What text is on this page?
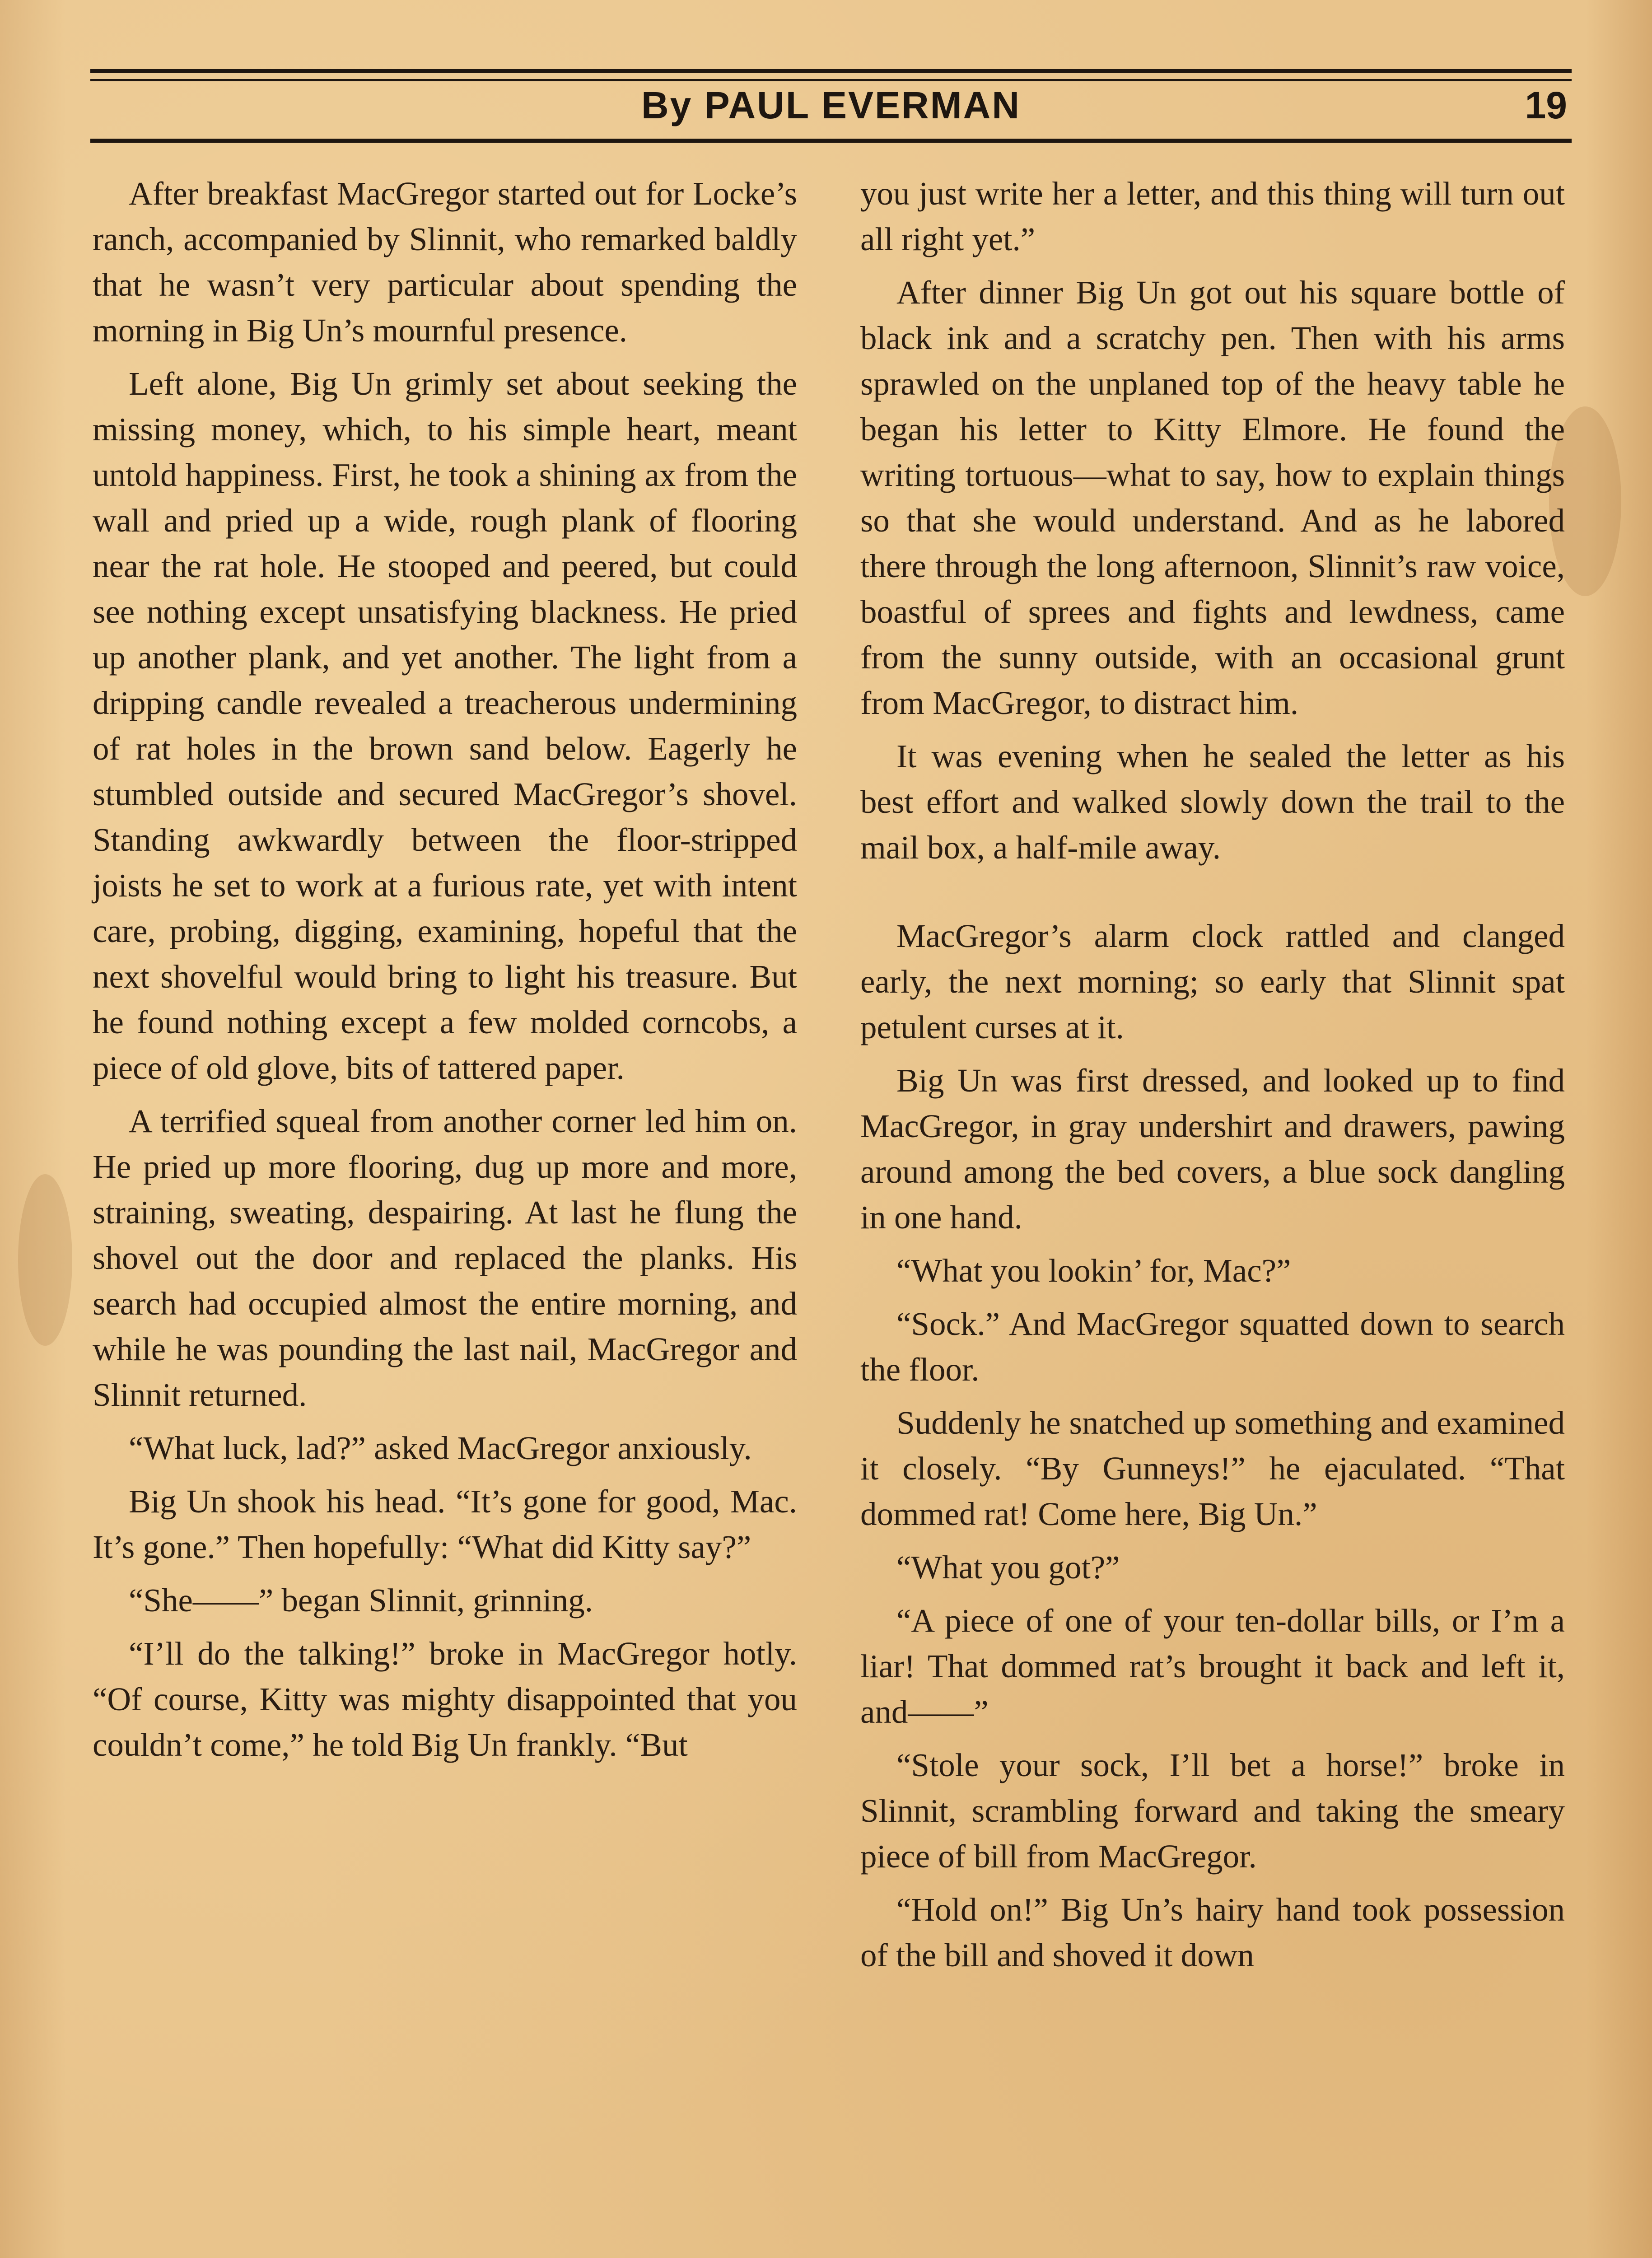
By PAUL EVERMAN	19

After breakfast MacGregor started out for Locke’s ranch, accompanied by Slinnit, who remarked baldly that he wasn’t very particular about spending the morning in Big Un’s mournful presence.

Left alone, Big Un grimly set about seeking the missing money, which, to his simple heart, meant untold happiness. First, he took a shining ax from the wall and pried up a wide, rough plank of flooring near the rat hole. He stooped and peered, but could see nothing except unsatisfying blackness. He pried up another plank, and yet another. The light from a dripping candle revealed a treacherous undermining of rat holes in the brown sand below. Eagerly he stumbled outside and secured MacGregor’s shovel. Standing awkwardly between the floor-stripped joists he set to work at a furious rate, yet with intent care, probing, digging, examining, hopeful that the next shovelful would bring to light his treasure. But he found nothing except a few molded corncobs, a piece of old glove, bits of tattered paper.

A terrified squeal from another corner led him on. He pried up more flooring, dug up more and more, straining, sweating, despairing. At last he flung the shovel out the door and replaced the planks. His search had occupied almost the entire morning, and while he was pounding the last nail, MacGregor and Slinnit returned.

“What luck, lad?” asked MacGregor anxiously.

Big Un shook his head. “It’s gone for good, Mac. It’s gone.” Then hopefully: “What did Kitty say?”

“She——” began Slinnit, grinning.

“I’ll do the talking!” broke in MacGregor hotly. “Of course, Kitty was mighty disappointed that you couldn’t come,” he told Big Un frankly. “But

you just write her a letter, and this thing will turn out all right yet.”

After dinner Big Un got out his square bottle of black ink and a scratchy pen. Then with his arms sprawled on the unplaned top of the heavy table he began his letter to Kitty Elmore. He found the writing tortuous—what to say, how to explain things so that she would understand. And as he labored there through the long afternoon, Slinnit’s raw voice, boastful of sprees and fights and lewdness, came from the sunny outside, with an occasional grunt from MacGregor, to distract him.

It was evening when he sealed the letter as his best effort and walked slowly down the trail to the mail box, a half-mile away.

MacGregor’s alarm clock rattled and clanged early, the next morning; so early that Slinnit spat petulent curses at it.

Big Un was first dressed, and looked up to find MacGregor, in gray undershirt and drawers, pawing around among the bed covers, a blue sock dangling in one hand.

“What you lookin’ for, Mac?”

“Sock.” And MacGregor squatted down to search the floor.

Suddenly he snatched up something and examined it closely. “By Gunneys!” he ejaculated. “That dommed rat! Come here, Big Un.”

“What you got?”

“A piece of one of your ten-dollar bills, or I’m a liar! That dommed rat’s brought it back and left it, and——”

“Stole your sock, I’ll bet a horse!” broke in Slinnit, scrambling forward and taking the smeary piece of bill from MacGregor.

“Hold on!” Big Un’s hairy hand took possession of the bill and shoved it down
